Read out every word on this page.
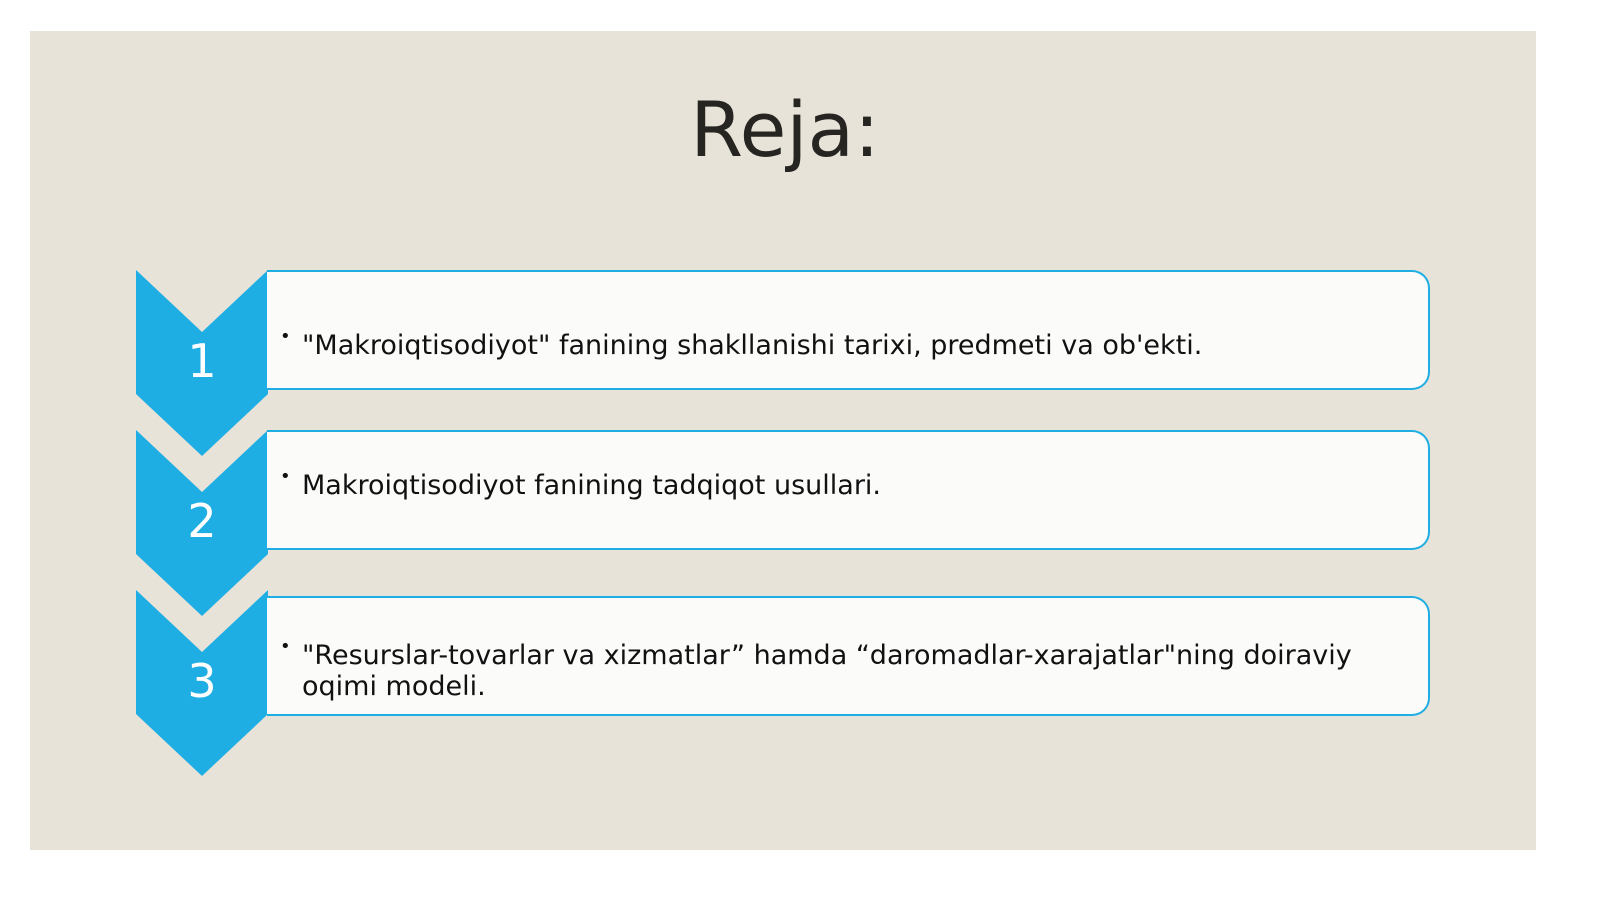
Reja:
1	• "Makroiqtisodiyot" fanining shakllanishi tarixi, predmeti va ob'ekti.
2
• Makroiqtisodiyot fanining tadqiqot usullari.
3
• "Resurslar-tovarlar va xizmatlar” hamda “daromadlar-xarajatlar"ning doiraviy oqimi modeli.
